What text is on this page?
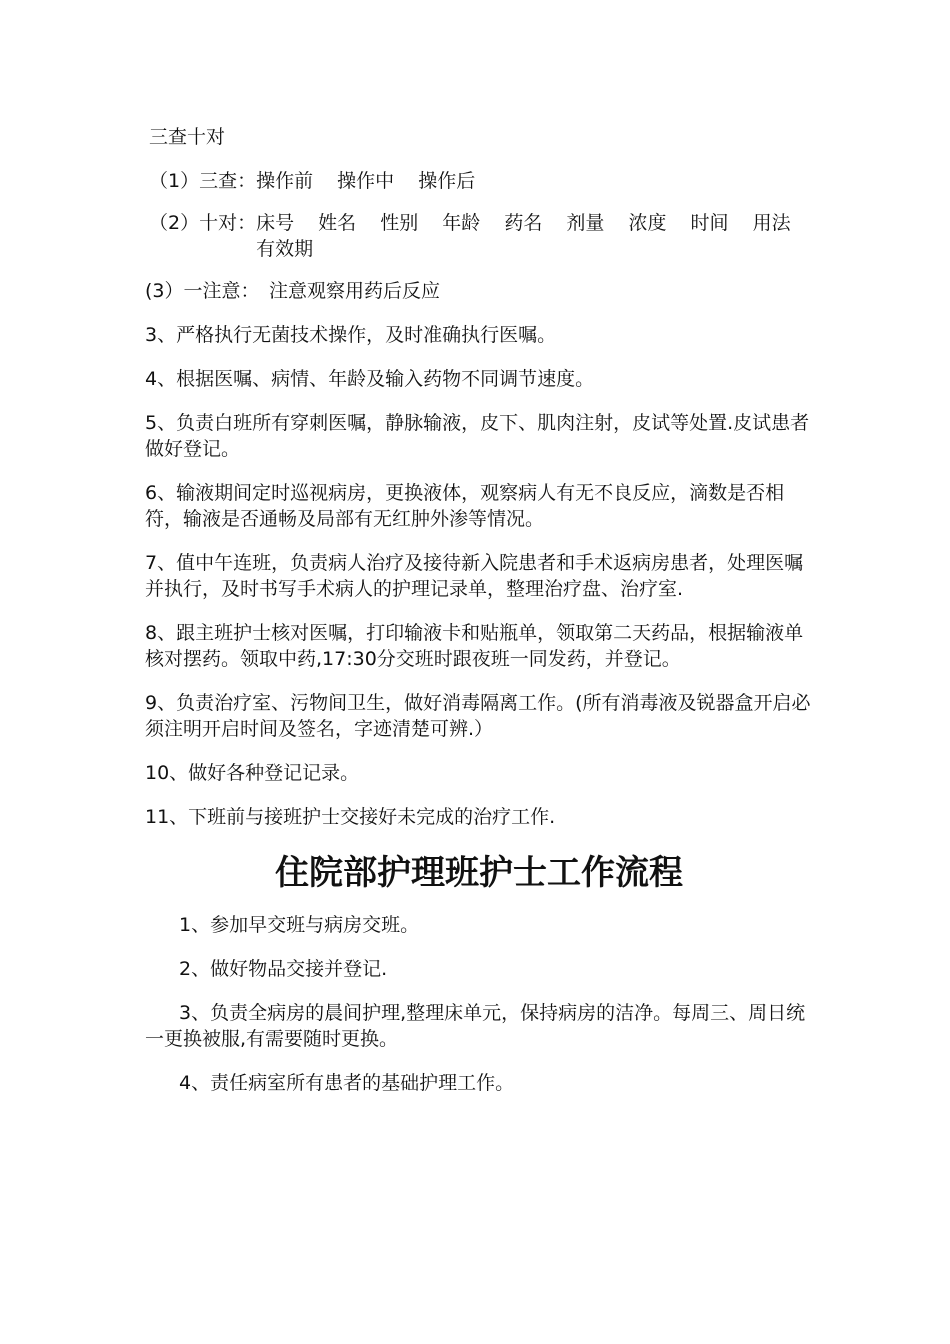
三查十对

（1）三查： 操作前 操作中 操作后
（2）十对： 床号 姓名 性别 年龄 药名 剂量 浓度 时间 用法
有效期

(3）一注意：　注意观察用药后反应

3、严格执行无菌技术操作，及时准确执行医嘱。

4、根据医嘱、病情、年龄及输入药物不同调节速度。

5、负责白班所有穿刺医嘱，静脉输液，皮下、肌肉注射，皮试等处置.皮试患者做好登记。

6、输液期间定时巡视病房，更换液体，观察病人有无不良反应，滴数是否相符，输液是否通畅及局部有无红肿外渗等情况。

7、值中午连班，负责病人治疗及接待新入院患者和手术返病房患者，处理医嘱并执行，及时书写手术病人的护理记录单，整理治疗盘、治疗室.

8、跟主班护士核对医嘱，打印输液卡和贴瓶单，领取第二天药品，根据输液单核对摆药。领取中药,17:30分交班时跟夜班一同发药，并登记。

9、负责治疗室、污物间卫生，做好消毒隔离工作。(所有消毒液及锐器盒开启必须注明开启时间及签名，字迹清楚可辨.）

10、做好各种登记记录。

11、下班前与接班护士交接好未完成的治疗工作.

住院部护理班护士工作流程

1、参加早交班与病房交班。

2、做好物品交接并登记.

3、负责全病房的晨间护理,整理床单元，保持病房的洁净。每周三、周日统一更换被服,有需要随时更换。

4、责任病室所有患者的基础护理工作。
